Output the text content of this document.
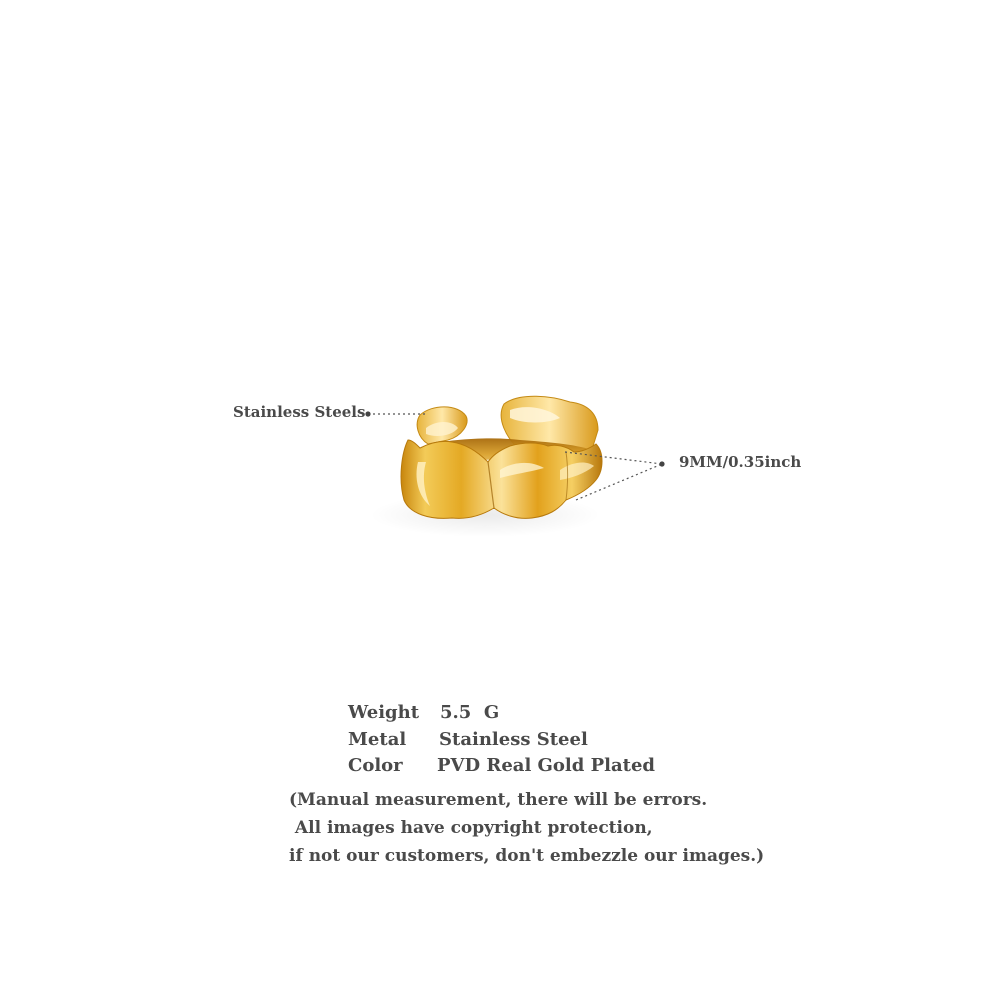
Stainless Steels
9MM/0.35inch
Weight 5.5  G
Metal Stainless Steel
Color PVD Real Gold Plated
(Manual measurement, there will be errors.
All images have copyright protection,
if not our customers, don't embezzle our images.)
